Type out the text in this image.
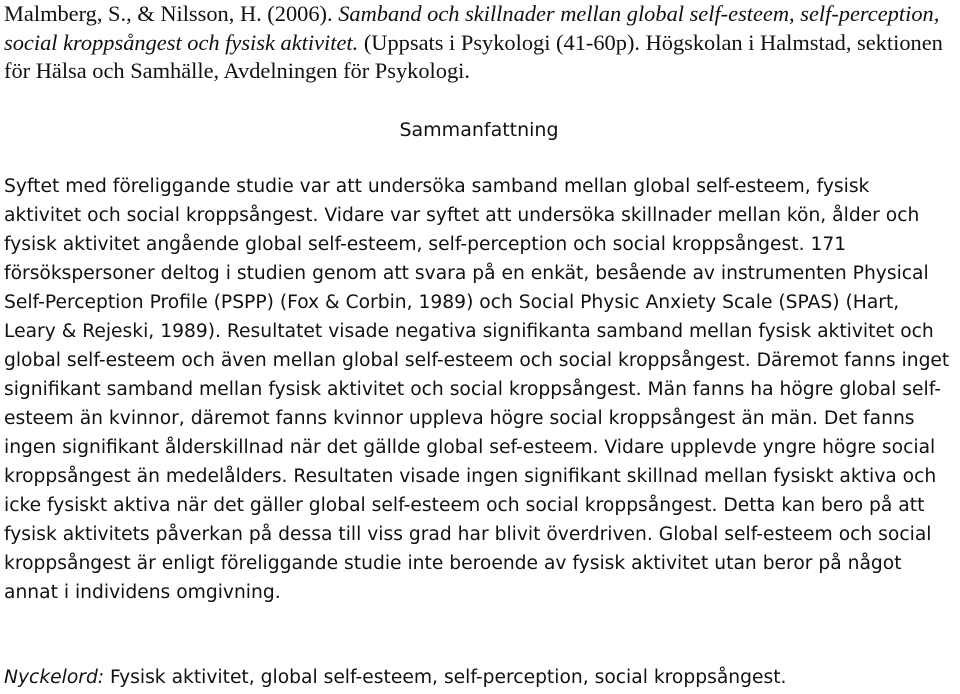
Malmberg, S., & Nilsson, H. (2006). Samband och skillnader mellan global self-esteem, self-perception, social kroppsångest och fysisk aktivitet. (Uppsats i Psykologi (41-60p). Högskolan i Halmstad, sektionen för Hälsa och Samhälle, Avdelningen för Psykologi.

Sammanfattning

Syftet med föreliggande studie var att undersöka samband mellan global self-esteem, fysisk aktivitet och social kroppsångest. Vidare var syftet att undersöka skillnader mellan kön, ålder och fysisk aktivitet angående global self-esteem, self-perception och social kroppsångest. 171 försökspersoner deltog i studien genom att svara på en enkät, besående av instrumenten Physical Self-Perception Profile (PSPP) (Fox & Corbin, 1989) och Social Physic Anxiety Scale (SPAS) (Hart, Leary & Rejeski, 1989). Resultatet visade negativa signifikanta samband mellan fysisk aktivitet och global self-esteem och även mellan global self-esteem och social kroppsångest. Däremot fanns inget signifikant samband mellan fysisk aktivitet och social kroppsångest. Män fanns ha högre global self-esteem än kvinnor, däremot fanns kvinnor uppleva högre social kroppsångest än män. Det fanns ingen signifikant ålderskillnad när det gällde global sef-esteem. Vidare upplevde yngre högre social kroppsångest än medelålders. Resultaten visade ingen signifikant skillnad mellan fysiskt aktiva och icke fysiskt aktiva när det gäller global self-esteem och social kroppsångest. Detta kan bero på att fysisk aktivitets påverkan på dessa till viss grad har blivit överdriven. Global self-esteem och social kroppsångest är enligt föreliggande studie inte beroende av fysisk aktivitet utan beror på något annat i individens omgivning.

Nyckelord: Fysisk aktivitet, global self-esteem, self-perception, social kroppsångest.
